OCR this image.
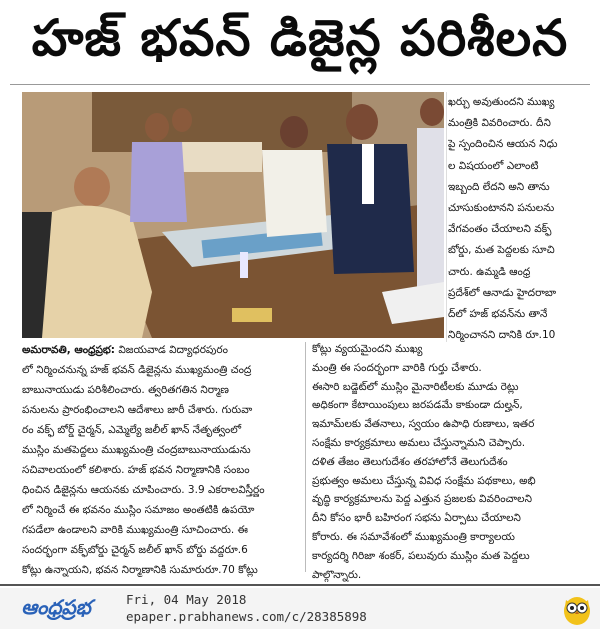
హజ్ భవన్ డిజైన్ల పరిశీలన
ఖర్చు అవుతుందని ముఖ్య
మంత్రికి వివరించారు. దీని
పై స్పందించిన ఆయన నిధు
ల విషయంలో ఎలాంటి
ఇబ్బంది లేదని అని తాను
చూసుకుంటానని పనులను
వేగవంతం చేయాలని వక్ఫ్
బోర్డు, మత పెద్దలకు సూచి
చారు. ఉమ్మడి ఆంధ్ర
ప్రదేశ్‌లో ఆనాడు హైదరాబా
ద్‌లో హజ్ భవన్‌ను తానే
నిర్మించానని దానికి రూ.10
అమరావతి, ఆంధ్రప్రభ: విజయవాడ విద్యాధరపురం
లో నిర్మించనున్న హజ్ భవన్ డిజైన్లను ముఖ్యమంత్రి చంద్ర
బాబునాయుడు పరిశీలించారు. త్వరితగతిన నిర్మాణ
పనులను ప్రారంభించాలని ఆదేశాలు జారీ చేశారు. గురువా
రం వక్ఫ్ బోర్డ్ చైర్మన్, ఎమ్మెల్యే జలీల్ ఖాన్ నేతృత్వంలో
ముస్లిం మతపెద్దలు ముఖ్యమంత్రి చంద్రబాబునాయుడును
సచివాలయంలో కలిశారు. హజ్ భవన నిర్మాణానికి సంబం
ధించిన డిజైన్లను ఆయనకు చూపించారు. 3.9 ఎకరాలవిస్తీర్ణం
లో నిర్మించే ఈ భవనం ముస్లిం సమాజం అంతటికి ఉపయో
గపడేలా ఉండాలని వారికి ముఖ్యమంత్రి సూచించారు. ఈ
సందర్భంగా వక్ఫ్‌బోర్డు చైర్మన్ జలీల్ ఖాన్ బోర్డు వద్దరూ.6
కోట్లు ఉన్నాయని, భవన నిర్మాణానికి సుమారురూ.70 కోట్లు
కోట్లు వ్యయమైందని ముఖ్య
మంత్రి ఈ సందర్భంగా వారికి గుర్తు చేశారు.
ఈసారి బడ్జెట్‌లో ముస్లిం మైనారిటీలకు మూడు రెట్లు
అధికంగా కేటాయింపులు జరపడమే కాకుండా దుల్హన్,
ఇమామ్‌లకు వేతనాలు, స్వయం ఉపాధి రుణాలు, ఇతర
సంక్షేమ కార్యక్రమాలు అమలు చేస్తున్నామని చెప్పారు.
దళిత తేజం తెలుగుదేశం తరహాలోనే తెలుగుదేశం
ప్రభుత్వం అమలు చేస్తున్న వివిధ సంక్షేమ పథకాలు, అభి
వృద్ధి కార్యక్రమాలను పెద్ద ఎత్తున ప్రజలకు వివరించాలని
దీని కోసం భారీ బహిరంగ సభను ఏర్పాటు చేయాలని
కోరారు. ఈ సమావేశంలో ముఖ్యమంత్రి కార్యాలయ
కార్యదర్శి గిరిజా శంకర్, పలువురు ముస్లిం మత పెద్దలు
పాల్గొన్నారు.
ఆంధ్రప్రభ	Fri, 04 May 2018
epaper.prabhanews.com/c/28385898
